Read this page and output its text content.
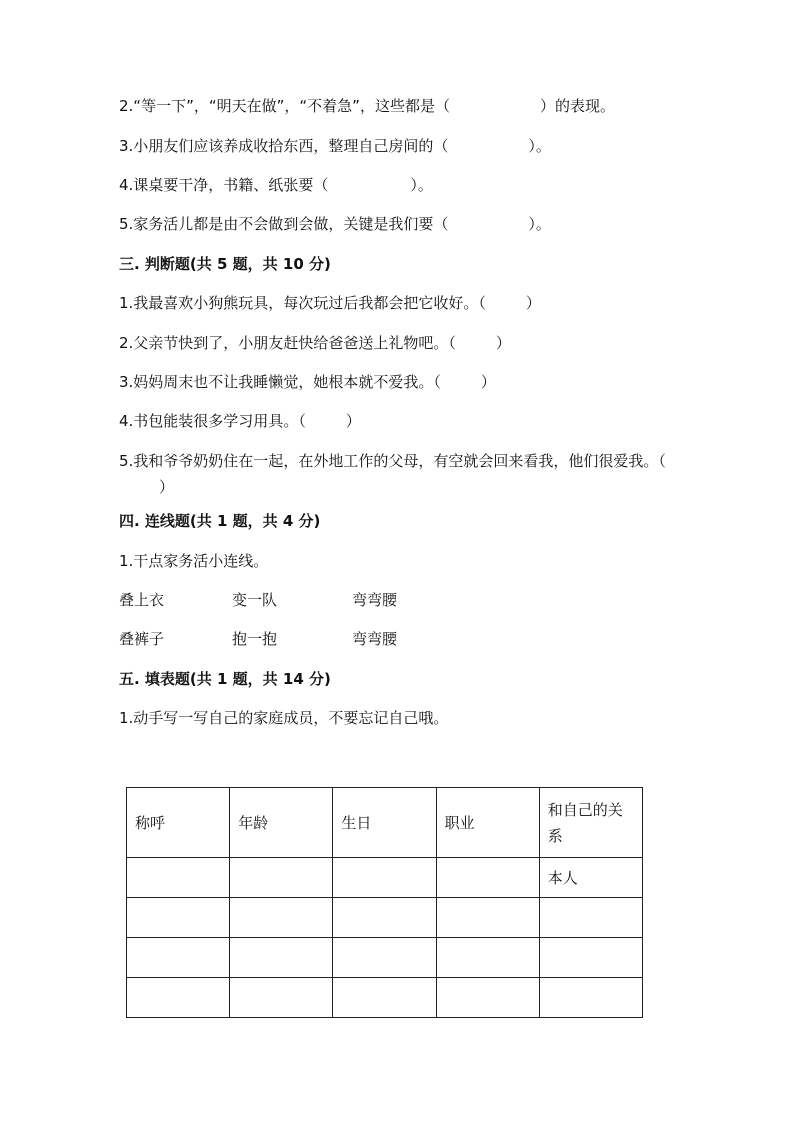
2.“等一下”，“明天在做”，“不着急”，这些都是（	）的表现。
3.小朋友们应该养成收拾东西，整理自己房间的（	）。
4.课桌要干净，书籍、纸张要（	）。
5.家务活儿都是由不会做到会做，关键是我们要（	）。
三. 判断题(共 5 题，共 10 分)
1.我最喜欢小狗熊玩具，每次玩过后我都会把它收好。（	）
2.父亲节快到了，小朋友赶快给爸爸送上礼物吧。（	）
3.妈妈周末也不让我睡懒觉，她根本就不爱我。（	）
4.书包能装很多学习用具。（	）
5.我和爷爷奶奶住在一起，在外地工作的父母，有空就会回来看我，他们很爱我。（）
四. 连线题(共 1 题，共 4 分)
1.干点家务活小连线。
叠上衣	变一队	弯弯腰
叠裤子	抱一抱	弯弯腰
五. 填表题(共 1 题，共 14 分)
1.动手写一写自己的家庭成员，不要忘记自己哦。
称呼	年龄	生日	职业	和自己的关系
				本人
